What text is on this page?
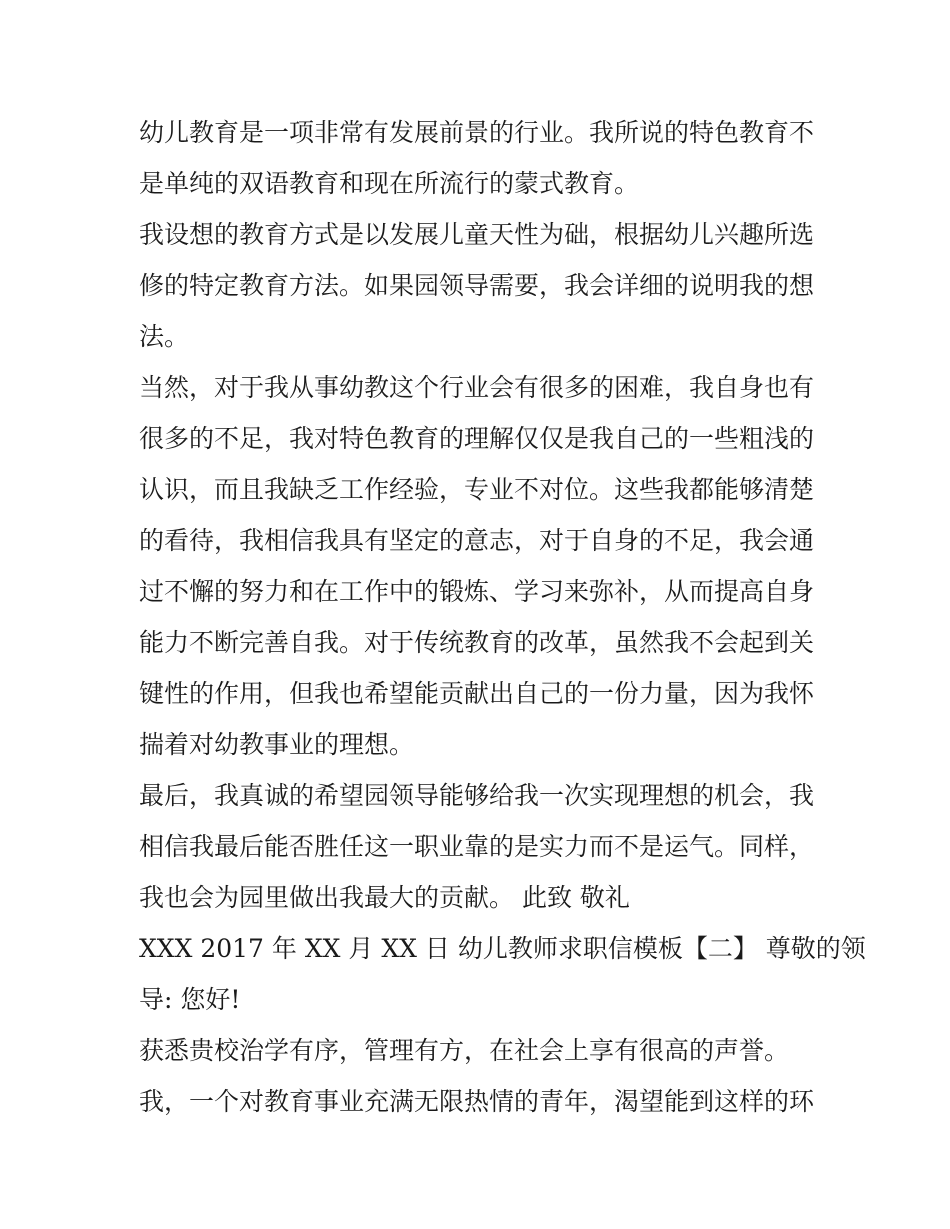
幼儿教育是一项非常有发展前景的行业。我所说的特色教育不
是单纯的双语教育和现在所流行的蒙式教育。
我设想的教育方式是以发展儿童天性为础，根据幼儿兴趣所选
修的特定教育方法。如果园领导需要，我会详细的说明我的想
法。
当然，对于我从事幼教这个行业会有很多的困难，我自身也有
很多的不足，我对特色教育的理解仅仅是我自己的一些粗浅的
认识，而且我缺乏工作经验，专业不对位。这些我都能够清楚
的看待，我相信我具有坚定的意志，对于自身的不足，我会通
过不懈的努力和在工作中的锻炼、学习来弥补，从而提高自身
能力不断完善自我。对于传统教育的改革，虽然我不会起到关
键性的作用，但我也希望能贡献出自己的一份力量，因为我怀
揣着对幼教事业的理想。
最后，我真诚的希望园领导能够给我一次实现理想的机会，我
相信我最后能否胜任这一职业靠的是实力而不是运气。同样，
我也会为园里做出我最大的贡献。 此致 敬礼
XXX 2017 年 XX 月 XX 日 幼儿教师求职信模板【二】 尊敬的领
导: 您好!
获悉贵校治学有序，管理有方，在社会上享有很高的声誉。
我，一个对教育事业充满无限热情的青年，渴望能到这样的环
